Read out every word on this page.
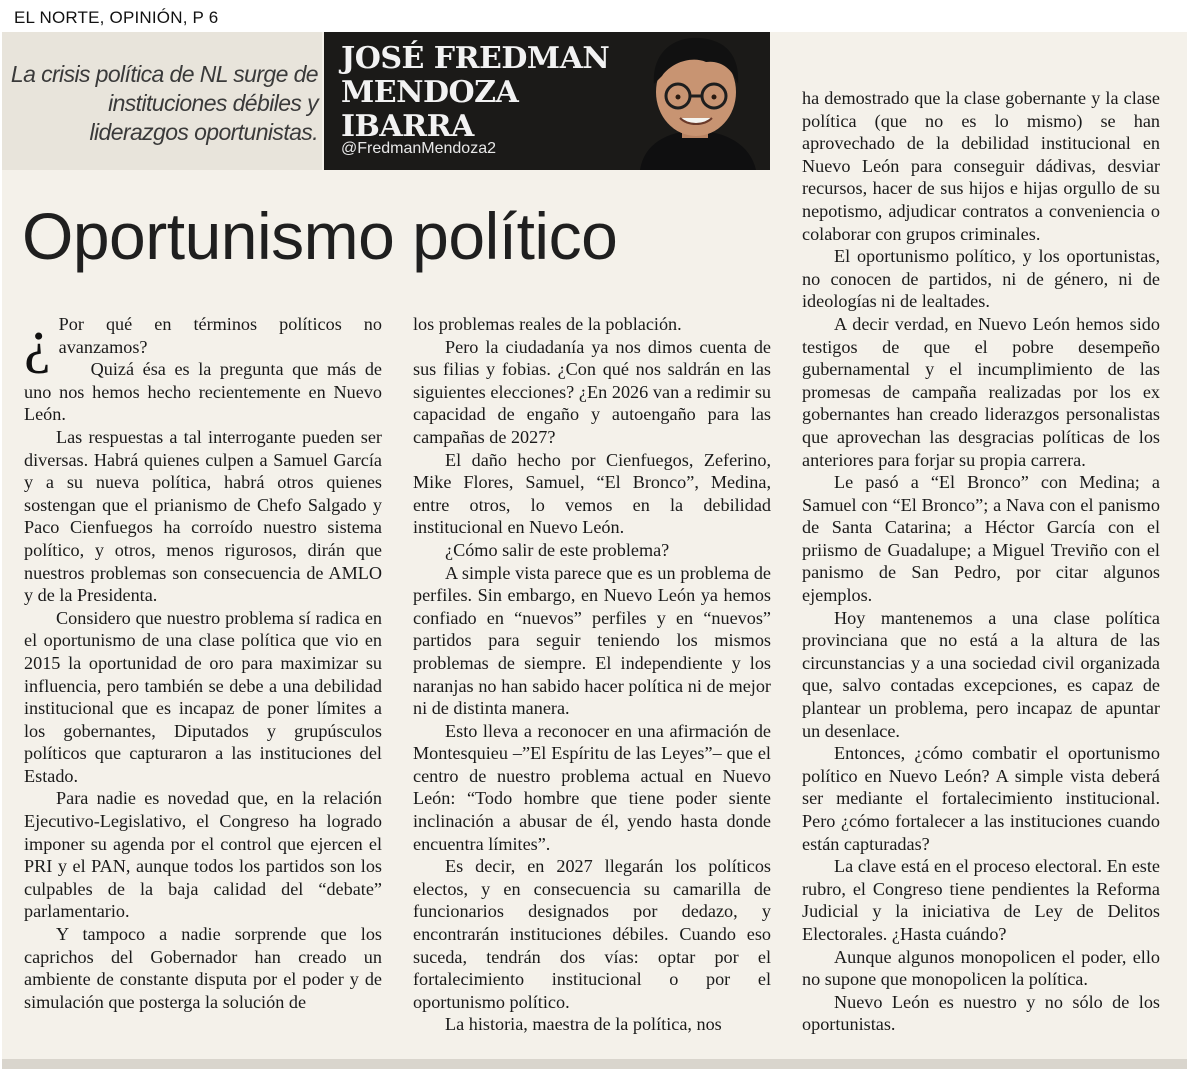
EL NORTE, OPINIÓN, P 6
La crisis política de NL surge de instituciones débiles y liderazgos oportunistas.
JOSÉ FREDMAN
MENDOZA
IBARRA
@FredmanMendoza2
Oportunismo político
¿ Por qué en términos políticos no avanzamos?

Quizá ésa es la pregunta que más de uno nos hemos hecho recientemente en Nuevo León.

Las respuestas a tal interrogante pueden ser diversas. Habrá quienes culpen a Samuel García y a su nueva política, habrá otros quienes sostengan que el prianismo de Chefo Salgado y Paco Cienfuegos ha corroído nuestro sistema político, y otros, menos rigurosos, dirán que nuestros problemas son consecuencia de AMLO y de la Presidenta.

Considero que nuestro problema sí radica en el oportunismo de una clase política que vio en 2015 la oportunidad de oro para maximizar su influencia, pero también se debe a una debilidad institucional que es incapaz de poner límites a los gobernantes, Diputados y grupúsculos políticos que capturaron a las instituciones del Estado.

Para nadie es novedad que, en la relación Ejecutivo-Legislativo, el Congreso ha logrado imponer su agenda por el control que ejercen el PRI y el PAN, aunque todos los partidos son los culpables de la baja calidad del “debate” parlamentario.

Y tampoco a nadie sorprende que los caprichos del Gobernador han creado un ambiente de constante disputa por el poder y de simulación que posterga la solución de

los problemas reales de la población.

Pero la ciudadanía ya nos dimos cuenta de sus filias y fobias. ¿Con qué nos saldrán en las siguientes elecciones? ¿En 2026 van a redimir su capacidad de engaño y autoengaño para las campañas de 2027?

El daño hecho por Cienfuegos, Zeferino, Mike Flores, Samuel, “El Bronco”, Medina, entre otros, lo vemos en la debilidad institucional en Nuevo León.

¿Cómo salir de este problema?

A simple vista parece que es un problema de perfiles. Sin embargo, en Nuevo León ya hemos confiado en “nuevos” perfiles y en “nuevos” partidos para seguir teniendo los mismos problemas de siempre. El independiente y los naranjas no han sabido hacer política ni de mejor ni de distinta manera.

Esto lleva a reconocer en una afirmación de Montesquieu –”El Espíritu de las Leyes”– que el centro de nuestro problema actual en Nuevo León: “Todo hombre que tiene poder siente inclinación a abusar de él, yendo hasta donde encuentra límites”.

Es decir, en 2027 llegarán los políticos electos, y en consecuencia su camarilla de funcionarios designados por dedazo, y encontrarán instituciones débiles. Cuando eso suceda, tendrán dos vías: optar por el fortalecimiento institucional o por el oportunismo político.

La historia, maestra de la política, nos

ha demostrado que la clase gobernante y la clase política (que no es lo mismo) se han aprovechado de la debilidad institucional en Nuevo León para conseguir dádivas, desviar recursos, hacer de sus hijos e hijas orgullo de su nepotismo, adjudicar contratos a conveniencia o colaborar con grupos criminales.

El oportunismo político, y los oportunistas, no conocen de partidos, ni de género, ni de ideologías ni de lealtades.

A decir verdad, en Nuevo León hemos sido testigos de que el pobre desempeño gubernamental y el incumplimiento de las promesas de campaña realizadas por los ex gobernantes han creado liderazgos personalistas que aprovechan las desgracias políticas de los anteriores para forjar su propia carrera.

Le pasó a “El Bronco” con Medina; a Samuel con “El Bronco”; a Nava con el panismo de Santa Catarina; a Héctor García con el priismo de Guadalupe; a Miguel Treviño con el panismo de San Pedro, por citar algunos ejemplos.

Hoy mantenemos a una clase política provinciana que no está a la altura de las circunstancias y a una sociedad civil organizada que, salvo contadas excepciones, es capaz de plantear un problema, pero incapaz de apuntar un desenlace.

Entonces, ¿cómo combatir el oportunismo político en Nuevo León? A simple vista deberá ser mediante el fortalecimiento institucional. Pero ¿cómo fortalecer a las instituciones cuando están capturadas?

La clave está en el proceso electoral. En este rubro, el Congreso tiene pendientes la Reforma Judicial y la iniciativa de Ley de Delitos Electorales. ¿Hasta cuándo?

Aunque algunos monopolicen el poder, ello no supone que monopolicen la política.

Nuevo León es nuestro y no sólo de los oportunistas.
